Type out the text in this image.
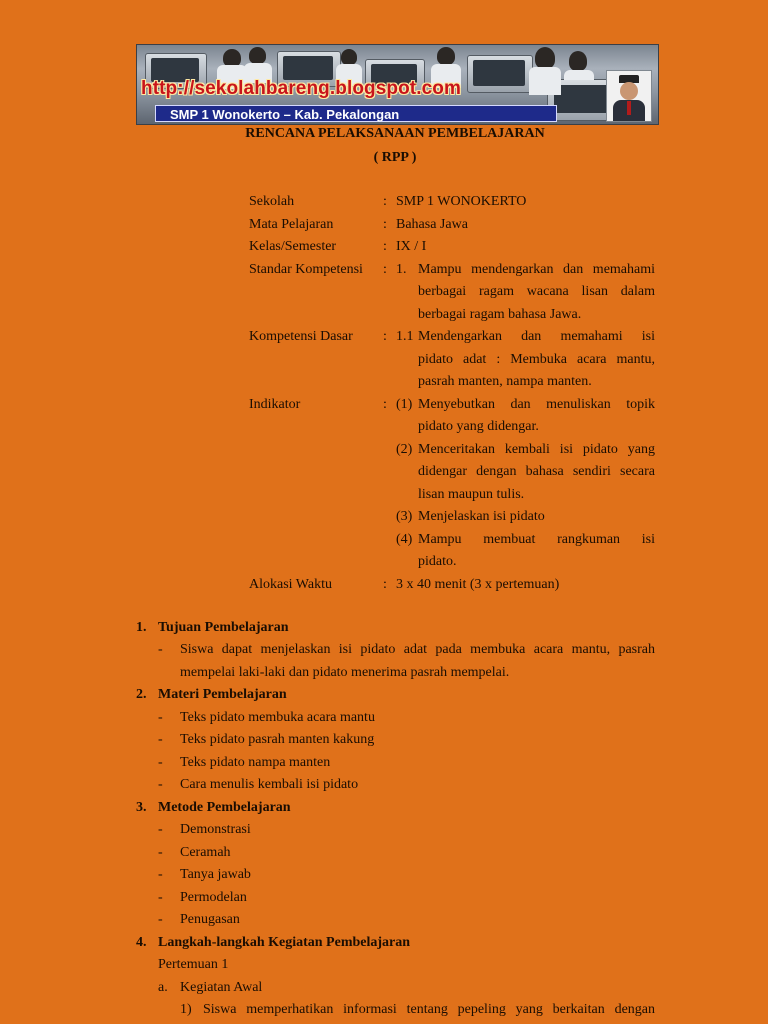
http://sekolahbareng.blogspot.com
SMP 1 Wonokerto – Kab. Pekalongan
RENCANA PELAKSANAAN PEMBELAJARAN
( RPP )
Sekolah	: SMP 1 WONOKERTO
Mata Pelajaran	: Bahasa Jawa
Kelas/Semester	: IX / I
Standar Kompetensi : 1. Mampu mendengarkan dan memahami
berbagai ragam wacana lisan dalam
berbagai ragam bahasa Jawa.
Kompetensi Dasar : 1.1 Mendengarkan dan memahami isi
pidato adat : Membuka acara mantu,
pasrah manten, nampa manten.
Indikator	: (1) Menyebutkan dan menuliskan topik
pidato yang didengar.
(2) Menceritakan kembali isi pidato yang
didengar dengan bahasa sendiri secara
lisan maupun tulis.
(3) Menjelaskan isi pidato
(4) Mampu membuat rangkuman isi
pidato.
Alokasi Waktu	: 3 x 40 menit (3 x pertemuan)
1. Tujuan Pembelajaran
-	Siswa dapat menjelaskan isi pidato adat pada membuka acara mantu, pasrah
mempelai laki-laki dan pidato menerima pasrah mempelai.
2. Materi Pembelajaran
- Teks pidato membuka acara mantu
- Teks pidato pasrah manten kakung
- Teks pidato nampa manten
- Cara menulis kembali isi pidato
3. Metode Pembelajaran
- Demonstrasi
- Ceramah
- Tanya jawab
- Permodelan
- Penugasan
4. Langkah-langkah Kegiatan Pembelajaran
Pertemuan 1
a. Kegiatan Awal
1) Siswa memperhatikan informasi tentang pepeling yang berkaitan dengan
